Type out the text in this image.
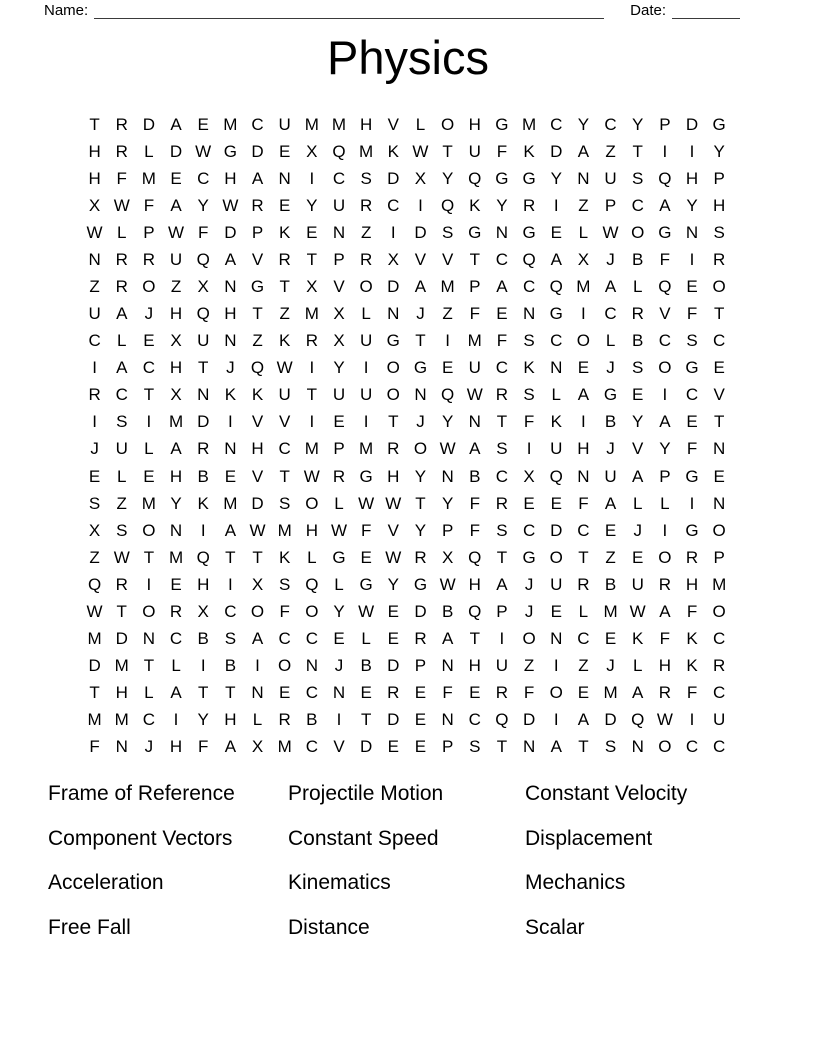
Name:	Date:
Physics
T R D A E M C U M M H V L O H G M C Y C Y P D G
H R L D W G D E X Q M K W T U F K D A Z T	I	I	Y
H F M E C H A N	I	C S D X Y Q G G Y N U S Q H P
X W F A Y W R E Y U R C	I	Q K Y R	I	Z P C A Y H
W L P W F D P K E N Z	I	D S G N G E L W O G N S
N R R U Q A V R T P R X V V T C Q A X	J	B F	I	R
Z R O Z X N G T X V O D A M P A C Q M A L Q E O
U A	J H Q H T Z M X L N J	Z F E N G	I	C R V F T
C L E X U N Z K R X U G T	I	M F S C O L B C S C
I	A C H T	J Q W I	Y	I	O G E U C K N E	J	S O G E
R C T X N K K U T U U O N Q W R S L A G E	I	C V
I	S	I	M D	I	V V	I	E	I	T	J	Y N T F K	I	B Y A E T
J U L A R N H C M P M R O W A S	I	U H J	V Y F N
E L E H B E V T W R G H Y N B C X Q N U A P G E
S Z M Y K M D S O L W W T Y F R E E F A L	L	I	N
X S O N	I	A W M H W F V Y P F S C D C E	J	I	G O
Z W T M Q T T K L G E W R X Q T G O T Z E O R P
Q R	I	E H	I	X S Q L G Y G W H A	J U R B U R H M
W T O R X C O F O Y W E D B Q P	J	E L M W A F O
M D N C B S A C C E L E R A T	I	O N C E K F K C
D M T	L	I	B	I	O N J	B D P N H U Z	I	Z	J	L H K R
T H L A T T N E C N E R E F E R F O E M A R F C
M M C	I	Y H L R B	I	T D E N C Q D	I	A D Q W I	U
F N J H F A X M C V D E E P S T N A T S N O C C
Frame of Reference
Component Vectors
Acceleration
Free Fall
Projectile Motion
Constant Speed
Kinematics
Distance
Constant Velocity
Displacement
Mechanics
Scalar
